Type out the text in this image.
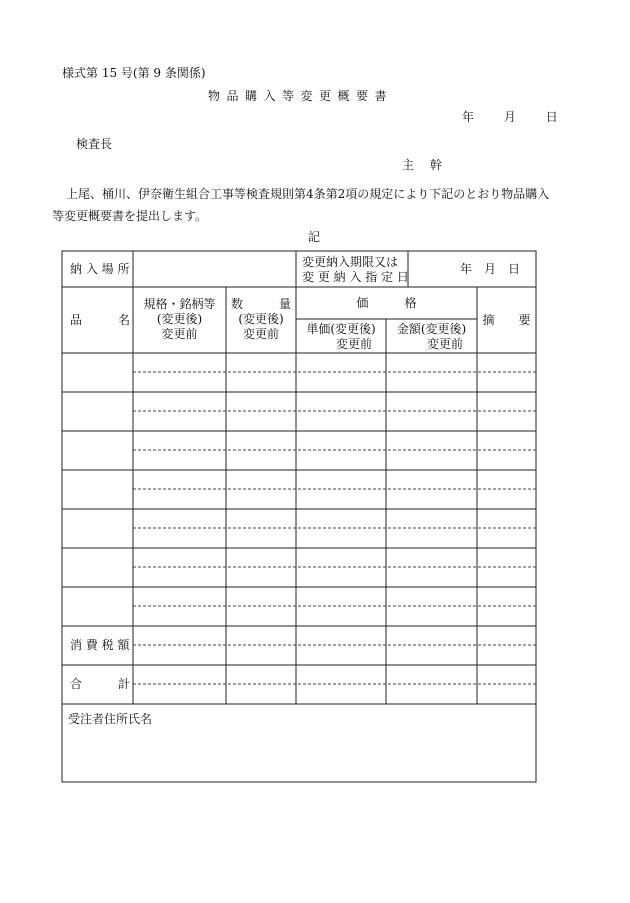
様式第 15 号(第 9 条関係)
物品購入等変更概要書
年 月 日
検査長
主 幹
上尾、桶川、伊奈衛生組合工事等検査規則第4条第2項の規定により下記のとおり物品購入等変更概要書を提出します。
記
納 入 場 所	変更納入期限又は
変 更 納 入 指 定 日
年　月　日
品　　　名
規格・銘柄等
(変更後)
変更前
数　　　量
(変更後)
変更前
価　　　格
単価(変更後)
変更前
金額(変更後)
変更前
摘　　要
消 費 税 額
合　　　計
受注者住所氏名
